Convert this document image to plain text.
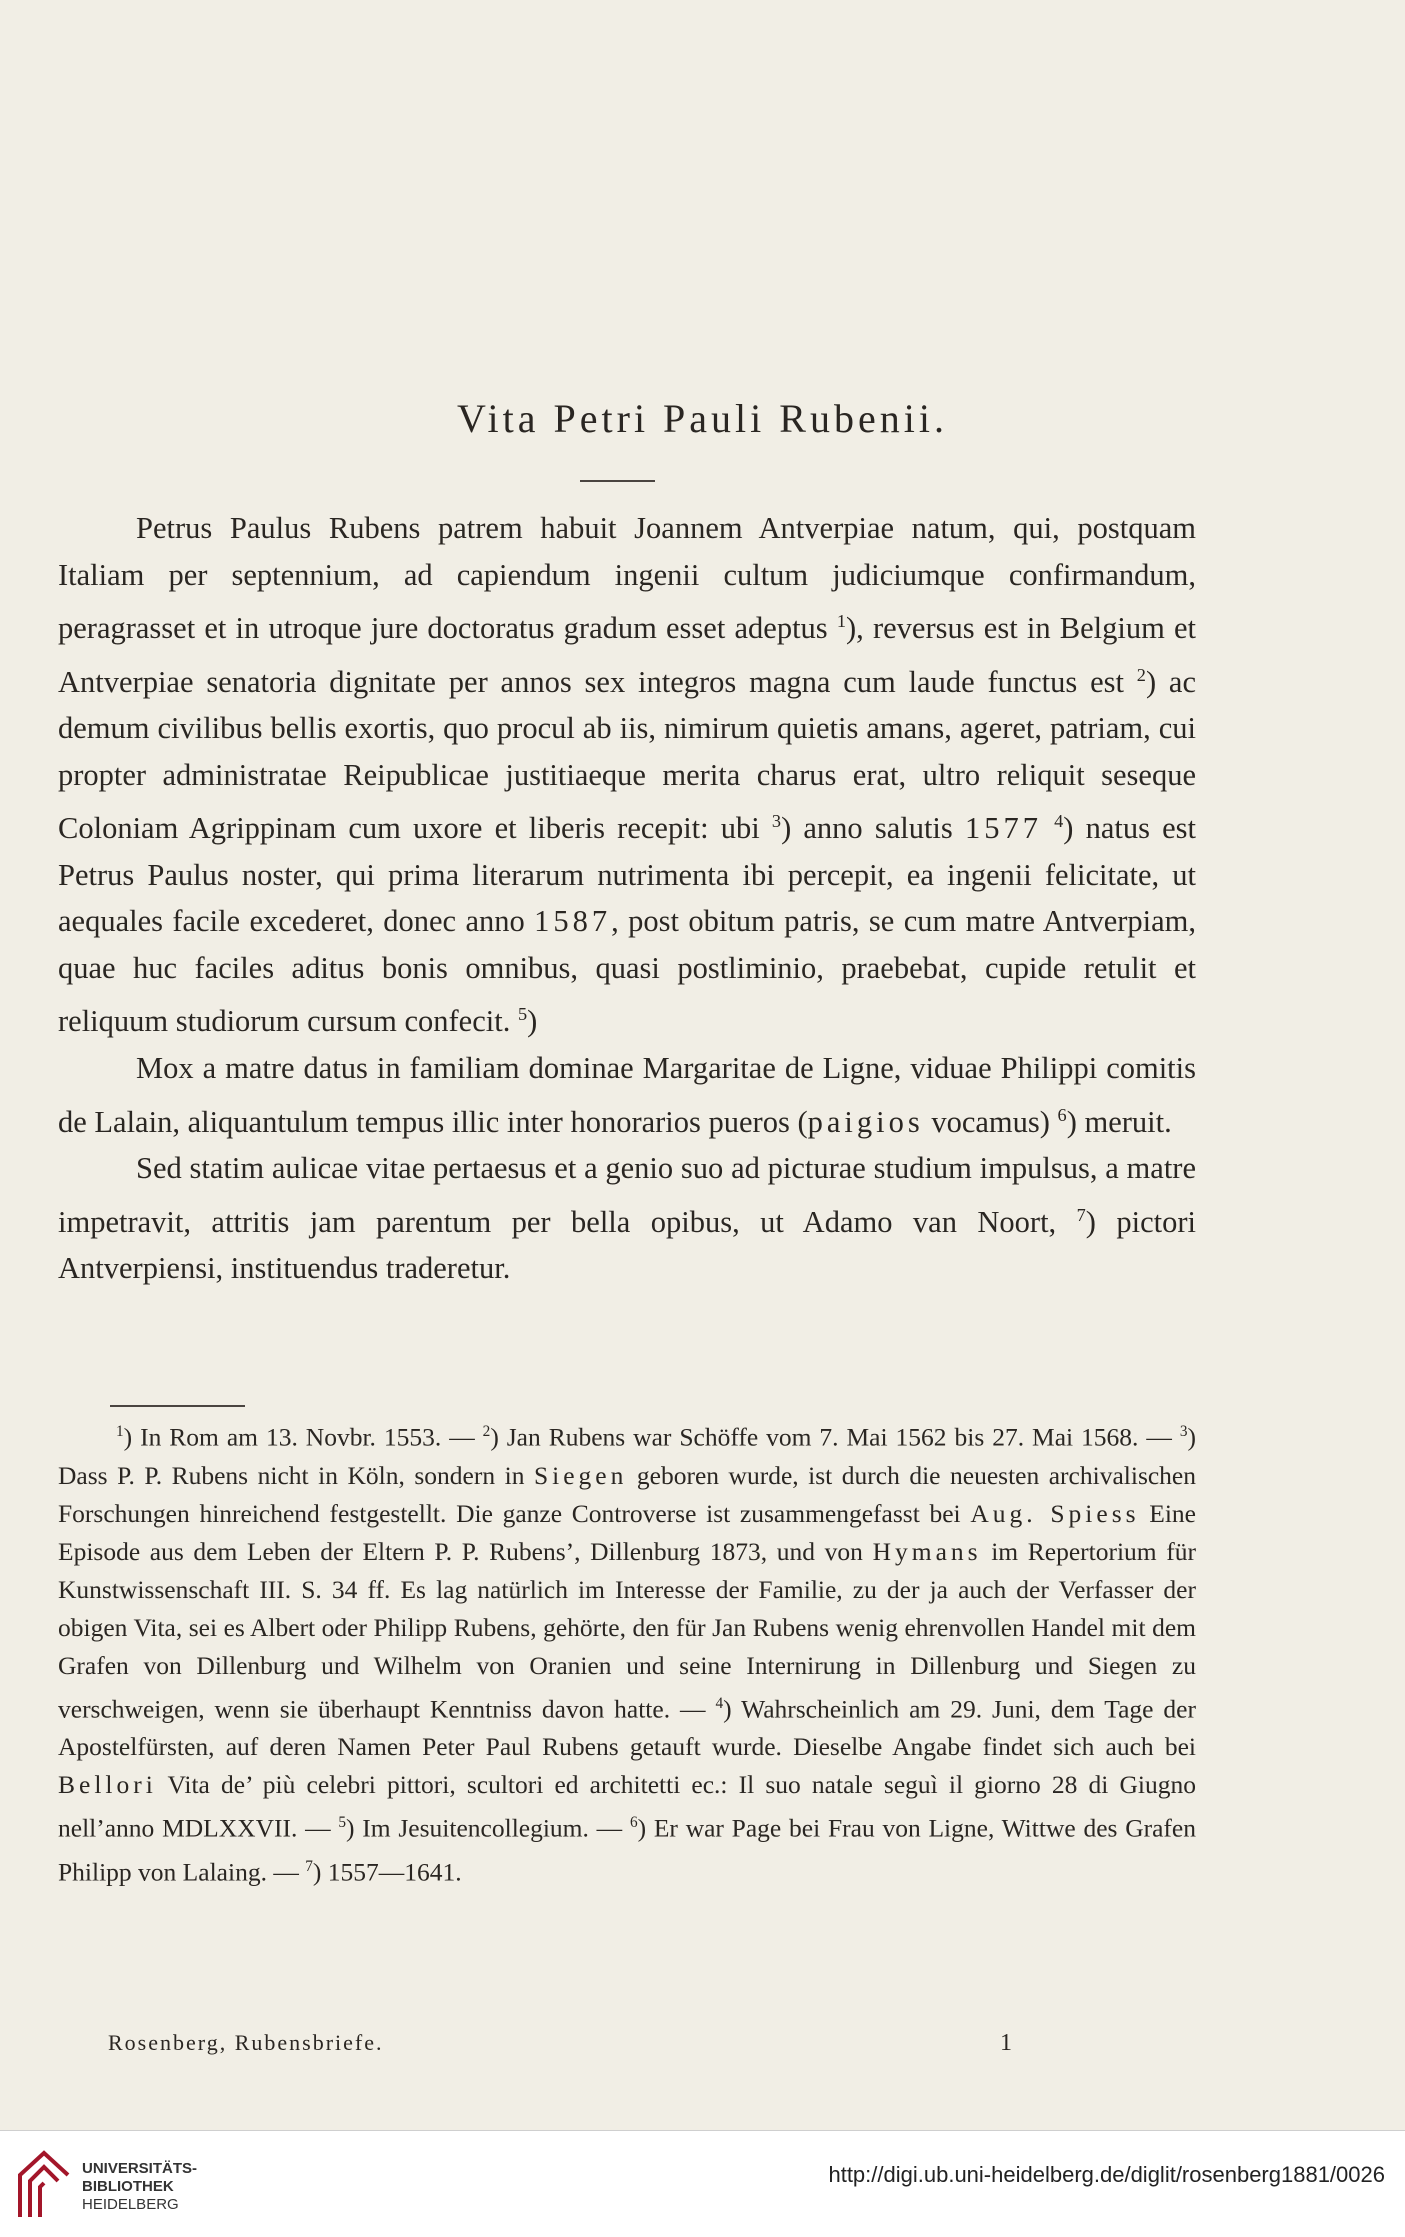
Vita Petri Pauli Rubenii.

Petrus Paulus Rubens patrem habuit Joannem Antverpiae natum, qui, postquam Italiam per septennium, ad capiendum ingenii cultum judiciumque confirmandum, peragrasset et in utroque jure doctoratus gradum esset adeptus $^1$), reversus est in Belgium et Antverpiae senatoria dignitate per annos sex integros magna cum laude functus est $^2$) ac demum civilibus bellis exortis, quo procul ab iis, nimirum quietis amans, ageret, patriam, cui propter administratae Reipublicae justitiaeque merita charus erat, ultro reliquit seseque Coloniam Agrippinam cum uxore et liberis recepit: ubi $^3$) anno salutis 1577 $^4$) natus est Petrus Paulus noster, qui prima literarum nutrimenta ibi percepit, ea ingenii felicitate, ut aequales facile excederet, donec anno 1587, post obitum patris, se cum matre Antverpiam, quae huc faciles aditus bonis omnibus, quasi postliminio, praebebat, cupide retulit et reliquum studiorum cursum confecit. $^5$)

Mox a matre datus in familiam dominae Margaritae de Ligne, viduae Philippi comitis de Lalain, aliquantulum tempus illic inter honorarios pueros (paigios vocamus) $^6$) meruit.

Sed statim aulicae vitae pertaesus et a genio suo ad picturae studium impulsus, a matre impetravit, attritis jam parentum per bella opibus, ut Adamo van Noort, $^7$) pictori Antverpiensi, instituendus traderetur.

$^1$) In Rom am 13. Novbr. 1553. — $^2$) Jan Rubens war Schöffe vom 7. Mai 1562 bis 27. Mai 1568. — $^3$) Dass P. P. Rubens nicht in Köln, sondern in Siegen geboren wurde, ist durch die neuesten archivalischen Forschungen hinreichend festgestellt. Die ganze Controverse ist zusammengefasst bei Aug. Spiess Eine Episode aus dem Leben der Eltern P. P. Rubens’, Dillenburg 1873, und von Hymans im Repertorium für Kunstwissenschaft III. S. 34 ff. Es lag natürlich im Interesse der Familie, zu der ja auch der Verfasser der obigen Vita, sei es Albert oder Philipp Rubens, gehörte, den für Jan Rubens wenig ehrenvollen Handel mit dem Grafen von Dillenburg und Wilhelm von Oranien und seine Internirung in Dillenburg und Siegen zu verschweigen, wenn sie überhaupt Kenntniss davon hatte. — $^4$) Wahrscheinlich am 29. Juni, dem Tage der Apostelfürsten, auf deren Namen Peter Paul Rubens getauft wurde. Dieselbe Angabe findet sich auch bei Bellori Vita de’ più celebri pittori, scultori ed architetti ec.: Il suo natale seguì il giorno 28 di Giugno nell’anno MDLXXVII. — $^5$) Im Jesuitencollegium. — $^6$) Er war Page bei Frau von Ligne, Wittwe des Grafen Philipp von Lalaing. — $^7$) 1557—1641.

Rosenberg, Rubensbriefe.	1
UNIVERSITÄTS-
BIBLIOTHEK
HEIDELBERG
http://digi.ub.uni-heidelberg.de/diglit/rosenberg1881/0026
